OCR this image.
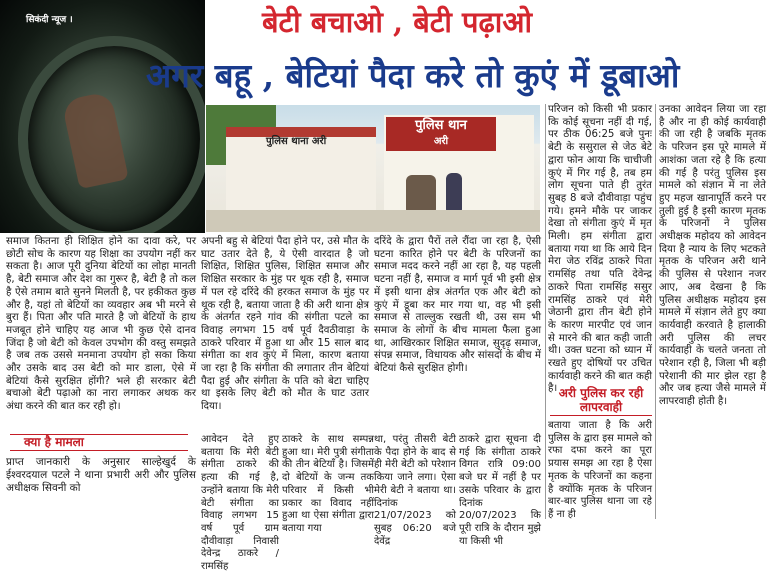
सिकंदी न्यूज ।	बेटी बचाओ , बेटी पढ़ाओ
अगर बहू , बेटियां पैदा करे तो कुएं में डूबाओ
पुलिस थाना अरी
पुलिस थान
अरी
समाज कितना ही शिक्षित होने का दावा करे, पर छोटी सोच के कारण यह शिक्षा का उपयोग नहीं कर सकता है। आज पूरी दुनिया बेटियों का लोहा मानती है, बेटी समाज और देश का गुरूर है, बेटी है तो कल है ऐसे तमाम बाते सुनने मिलती है, पर हकीकत कुछ और है, यहां तो बेटियों का व्यवहार अब भी मरने से बुरा हैं। पिता और पति मारते है जो बेटियों के हाथ मजबूत होने चाहिए यह आज भी कुछ ऐसे दानव जिंदा है जो बेटी को केवल उपभोग की वस्तु समझते है जब तक उससे मनमाना उपयोग हो सका किया और उसके बाद उस बेटी को मार डाला, ऐसे में बेटियां कैसे सुरक्षित होंगी? भले ही सरकार बेटी बचाओ बेटी पढ़ाओ का नारा लगाकर अथक कर अंधा करने की बात कर रही हो।
अपनी बहु से बेटियां पैदा होने पर, उसे मौत के घाट उतार देते है, ये ऐसी वारदात है जो शिक्षित, शिक्षित पुलिस, शिक्षित समाज और शिक्षित सरकार के मुंह पर थूक रही है, समाज में पल रहे दरिंदे की हरकत समाज के मुंह पर थूक रही है, बताया जाता है की अरी थाना क्षेत्र के अंतर्गत रहने गांव की संगीता पटले का विवाह लगभग 15 वर्ष पूर्व दैवठीवाड़ा के ठाकरे परिवार में हुआ था और 15 साल बाद संगीता का शव कुएं में मिला, कारण बताया जा रहा है कि संगीता की लगातार तीन बेटियां पैदा हुई और संगीता के पति को बेटा चाहिए था इसके लिए बेटी को मौत के घाट उतार दिया।
दरिंदे के द्वारा पैरों तले रौंदा जा रहा है, ऐसी घटना कारित होने पर बेटी के परिजनों का समाज मदद करने नहीं आ रहा है, यह पहली घटना नहीं है, समाज व मार्ग पूर्व भी इसी क्षेत्र में इसी थाना क्षेत्र अंतर्गत एक और बेटी को कुएं में डूबा कर मार गया था, वह भी इसी समाज से ताल्लुक रखती थी, उस सम भी समाज के लोगों के बीच मामला फैला हुआ था, आखिरकार शिक्षित समाज, सुदृढ़ समाज, संपन्न समाज, विधायक और सांसदों के बीच में बेटियां कैसे सुरक्षित होगी।
परिजन को किसी भी प्रकार कि कोई सूचना नहीं दी गई, पर ठीक 06:25 बजे पुनः बेटी के ससुराल से जेठ बेटे द्वारा फोन आया कि चाचीजी कुएं में गिर गई है, तब हम लोग सूचना पाते ही तुरंत सुबह 8 बजे दौवीवाड़ा पहुंच गये। हमने मौके पर जाकर देखा तो संगीता कुएं में मृत मिली। हम संगीता द्वारा बताया गया था कि आये दिन मेरा जेठ रविंद्र ठाकरे पिता रामसिंह तथा पति देवेन्द्र ठाकरे पिता रामसिंह ससुर रामसिंह ठाकरे एवं मेरी जेठानी द्वारा तीन बेटी होने के कारण मारपीट एवं जान से मारने की बात कही जाती थी। उक्त घटना को ध्यान में रखते हुए दोषियों पर उचित कार्यवाही करने की बात कही है।
उनका आवेदन लिया जा रहा है और ना ही कोई कार्यवाही की जा रही है जबकि मृतक के परिजन इस पूरे मामले में आशंका जता रहे है कि हत्या की गई है परंतु पुलिस इस मामले को संज्ञान में ना लेते हुए महज खानापूर्ति करने पर तुली हुई है इसी कारण मृतक के परिजनों ने पुलिस अधीक्षक महोदय को आवेदन दिया है न्याय के लिए भटकते मृतक के परिजन अरी थाने की पुलिस से परेशान नजर आए, अब देखना है कि पुलिस अधीक्षक महोदय इस मामले में संज्ञान लेते हुए क्या कार्यवाही करवाते है हालाकी अरी पुलिस की लचर कार्यवाही के चलते जनता तो परेशान रही है, जिला भी बड़ी परेशानी की मार झेल रहा है और जब हत्या जैसे मामले में लापरवाही होती है।
क्या है मामला
अरी पुलिस कर रही लापरवाही
प्राप्त जानकारी के अनुसार साल्हेखुर्द के ईश्वरदयाल पटले ने थाना प्रभारी अरी और पुलिस अधीक्षक सिवनी को
आवेदन देते हुए बताया कि मेरी बेटी संगीता ठाकरे की हत्या की गई है, उन्होंने बताया कि मेरी बेटी संगीता का विवाह लगभग 15 वर्ष पूर्व ग्राम दौवीवाड़ा निवासी देवेन्द्र ठाकरे / रामसिंह
ठाकरे के साथ सम्पन्न हुआ था। मेरी पुत्री संगीता की तीन बेटियाँ है। जिसमें दो बेटियों के जन्म तक परिवार में किसी भी प्रकार का विवाद नहीं हुआ था ऐसा संगीता द्वारा बताया गया
था, परंतु तीसरी बेटी के पैदा होने के बाद से ही मेरी बेटी को परेशान किया जाने लगा। ऐसा मेरी बेटी ने बताया था। दिनांक 21/07/2023 को सुबह 06:20 बजे देवेंद्र
ठाकरे द्वारा सूचना दी गई कि संगीता ठाकरे विगत रात्रि 09:00 बजे घर में नहीं है पर उसके परिवार के द्वारा दिनांक 20/07/2023 कि पूरी रात्रि के दौरान मुझे या किसी भी
बताया जाता है कि अरी पुलिस के द्वारा इस मामले को रफा दफा करने का पूरा प्रयास समझ आ रहा है ऐसा मृतक के परिजनों का कहना है क्योंकि मृतक के परिजन बार-बार पुलिस थाना जा रहे हैं ना ही
